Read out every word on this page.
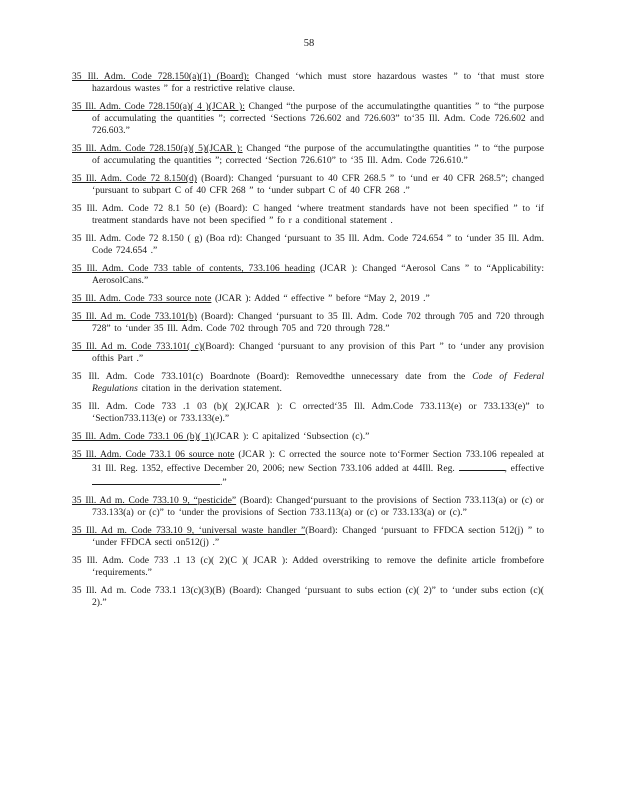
58

35 Ill. Adm. Code 728.150(a)(1) (Board): Changed ‘which must store hazardous wastes ” to ‘that must store hazardous wastes ” for a restrictive relative clause.

35 Ill. Adm. Code 728.150(a)( 4 )(JCAR ): Changed “the purpose of the accumulatingthe quantities ” to “the purpose of accumulating the quantities ”; corrected ‘Sections 726.602 and 726.603” to‘35 Ill. Adm. Code 726.602 and 726.603.”

35 Ill. Adm. Code 728.150(a)( 5)(JCAR ): Changed “the purpose of the accumulatingthe quantities ” to “the purpose of accumulating the quantities ”; corrected ‘Section 726.610” to ‘35 Ill. Adm. Code 726.610.”

35 Ill. Adm. Code 72 8.150(d) (Board): Changed ‘pursuant to 40 CFR 268.5 ” to ‘und er 40 CFR 268.5”; changed ‘pursuant to subpart C of 40 CFR 268 ” to ‘under subpart C of 40 CFR 268 .”

35 Ill. Adm. Code 72 8.1 50 (e) (Board): C hanged ‘where treatment standards have not been specified ” to ‘if treatment standards have not been specified ” fo r a conditional statement .

35 Ill. Adm. Code 72 8.150 ( g) (Boa rd): Changed ‘pursuant to 35 Ill. Adm. Code 724.654 ” to ‘under 35 Ill. Adm. Code 724.654 .”

35 Ill. Adm. Code 733 table of contents, 733.106 heading (JCAR ): Changed “Aerosol Cans ” to “Applicability: AerosolCans.”

35 Ill. Adm. Code 733 source note (JCAR ): Added “ effective ” before “May 2, 2019 .”

35 Ill. Ad m. Code 733.101(b) (Board): Changed ‘pursuant to 35 Ill. Adm. Code 702 through 705 and 720 through 728” to ‘under 35 Ill. Adm. Code 702 through 705 and 720 through 728.”

35 Ill. Ad m. Code 733.101( c)(Board): Changed ‘pursuant to any provision of this Part ” to ‘under any provision ofthis Part .”

35 Ill. Adm. Code 733.101(c) Boardnote (Board): Removedthe unnecessary date from the Code of Federal Regulations citation in the derivation statement.

35 Ill. Adm. Code 733 .1 03 (b)( 2)(JCAR ): C orrected‘35 Ill. Adm.Code 733.113(e) or 733.133(e)” to ‘Section733.113(e) or 733.133(e).”

35 Ill. Adm. Code 733.1 06 (b)( 1)(JCAR ): C apitalized ‘Subsection (c).”

35 Ill. Adm. Code 733.1 06 source note (JCAR ): C orrected the source note to‘Former Section 733.106 repealed at 31 Ill. Reg. 1352, effective December 20, 2006; new Section 733.106 added at 44Ill. Reg.	, effective .”

35 Ill. Ad m. Code 733.10 9, “pesticide” (Board): Changed‘pursuant to the provisions of Section 733.113(a) or (c) or 733.133(a) or (c)” to ‘under the provisions of Section 733.113(a) or (c) or 733.133(a) or (c).”

35 Ill. Ad m. Code 733.10 9, ‘universal waste handler ”(Board): Changed ‘pursuant to FFDCA section 512(j) ” to ‘under FFDCA secti on512(j) .”

35 Ill. Adm. Code 733 .1 13 (c)( 2)(C )( JCAR ): Added overstriking to remove the definite article frombefore ‘requirements.”

35 Ill. Ad m. Code 733.1 13(c)(3)(B) (Board): Changed ‘pursuant to subs ection (c)( 2)” to ‘under subs ection (c)( 2).”
